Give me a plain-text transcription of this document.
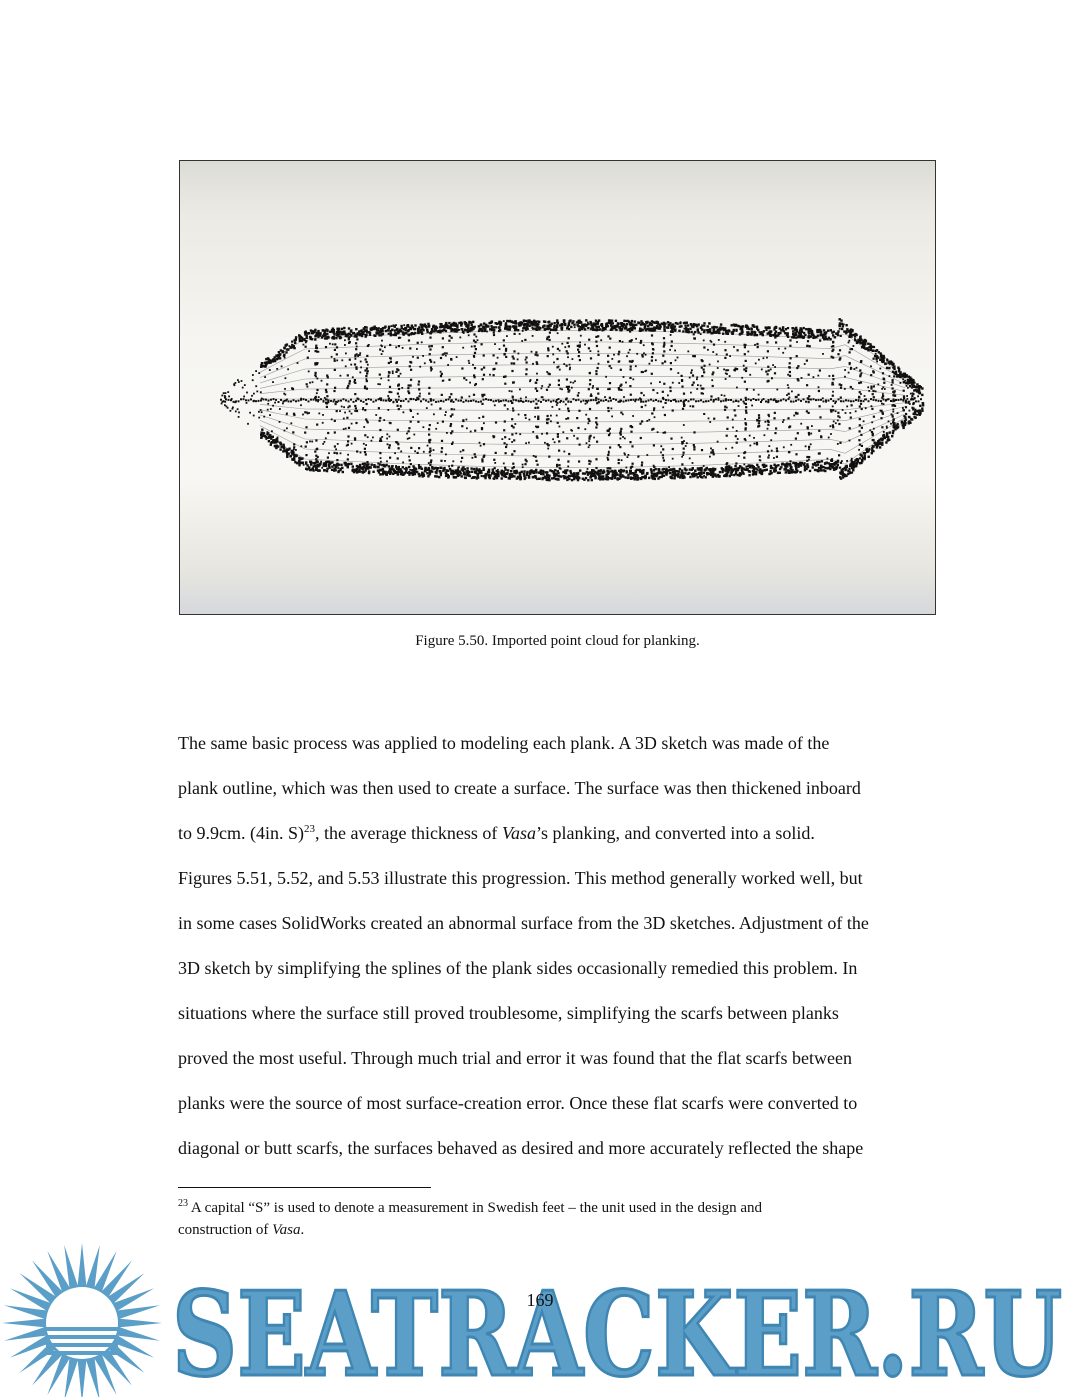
Figure 5.50. Imported point cloud for planking.

The same basic process was applied to modeling each plank. A 3D sketch was made of the
plank outline, which was then used to create a surface. The surface was then thickened inboard
to 9.9cm. (4in. S)$^{23}$, the average thickness of Vasa’s planking, and converted into a solid.
Figures 5.51, 5.52, and 5.53 illustrate this progression. This method generally worked well, but
in some cases SolidWorks created an abnormal surface from the 3D sketches. Adjustment of the
3D sketch by simplifying the splines of the plank sides occasionally remedied this problem. In
situations where the surface still proved troublesome, simplifying the scarfs between planks
proved the most useful. Through much trial and error it was found that the flat scarfs between
planks were the source of most surface-creation error. Once these flat scarfs were converted to
diagonal or butt scarfs, the surfaces behaved as desired and more accurately reflected the shape

$^{23}$ A capital “S” is used to denote a measurement in Swedish feet – the unit used in the design and
construction of Vasa.
169
SEATRACKER.RU
